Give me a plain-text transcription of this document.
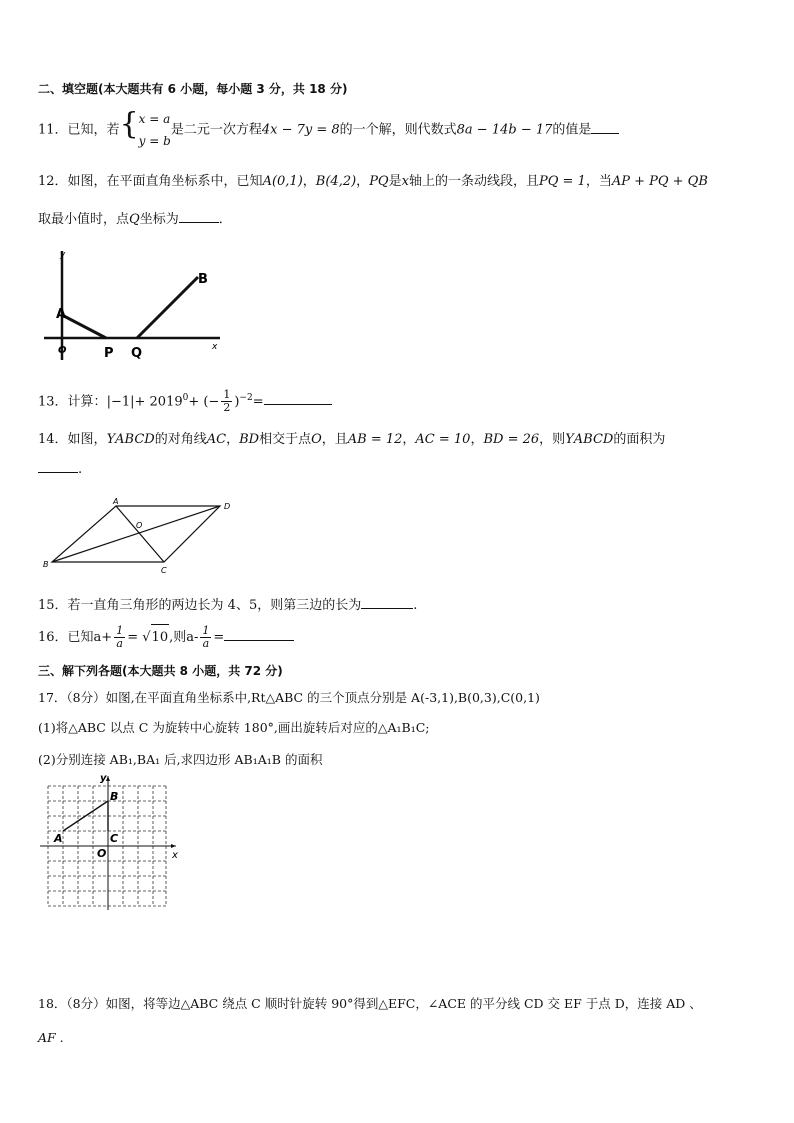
二、填空题(本大题共有 6 小题，每小题 3 分，共 18 分)
11．已知，若{ x = a
y = b
是二元一次方程4x − 7y = 8的一个解，则代数式8a − 14b − 17的值是
12．如图，在平面直角坐标系中，已知A(0,1)，B(4,2)，PQ是x轴上的一条动线段，且PQ = 1，当AP + PQ + QB
取最小值时，点Q坐标为	．
y
x
O
A
P Q
B
13．计算：$|-1|+ 2019^0+$ (− $\frac{1}{2} )^{-2}=$
14．如图，ΥABCD的对角线AC，BD相交于点O，且AB = 12，AC = 10，BD = 26，则ΥABCD的面积为
.
A
B
C
D
O
15．若一直角三角形的两边长为 4、5，则第三边的长为	.
16．已知$a+ \frac{1}{a} = √10$,则$a- \frac{1}{a}$ =
三、解下列各题(本大题共 8 小题，共 72 分)
17．（8分）如图,在平面直角坐标系中,Rt△ABC 的三个顶点分别是 A(-3,1),B(0,3),C(0,1)
(1)将△ABC 以点 C 为旋转中心旋转 180°,画出旋转后对应的△A₁B₁C;
(2)分别连接 AB₁,BA₁ 后,求四边形 AB₁A₁B 的面积
y
x
B
A	C
O
18．（8分）如图，将等边△ABC 绕点 C 顺时针旋转 90°得到△EFC，∠ACE 的平分线 CD 交 EF 于点 D，连接 AD 、
AF .
